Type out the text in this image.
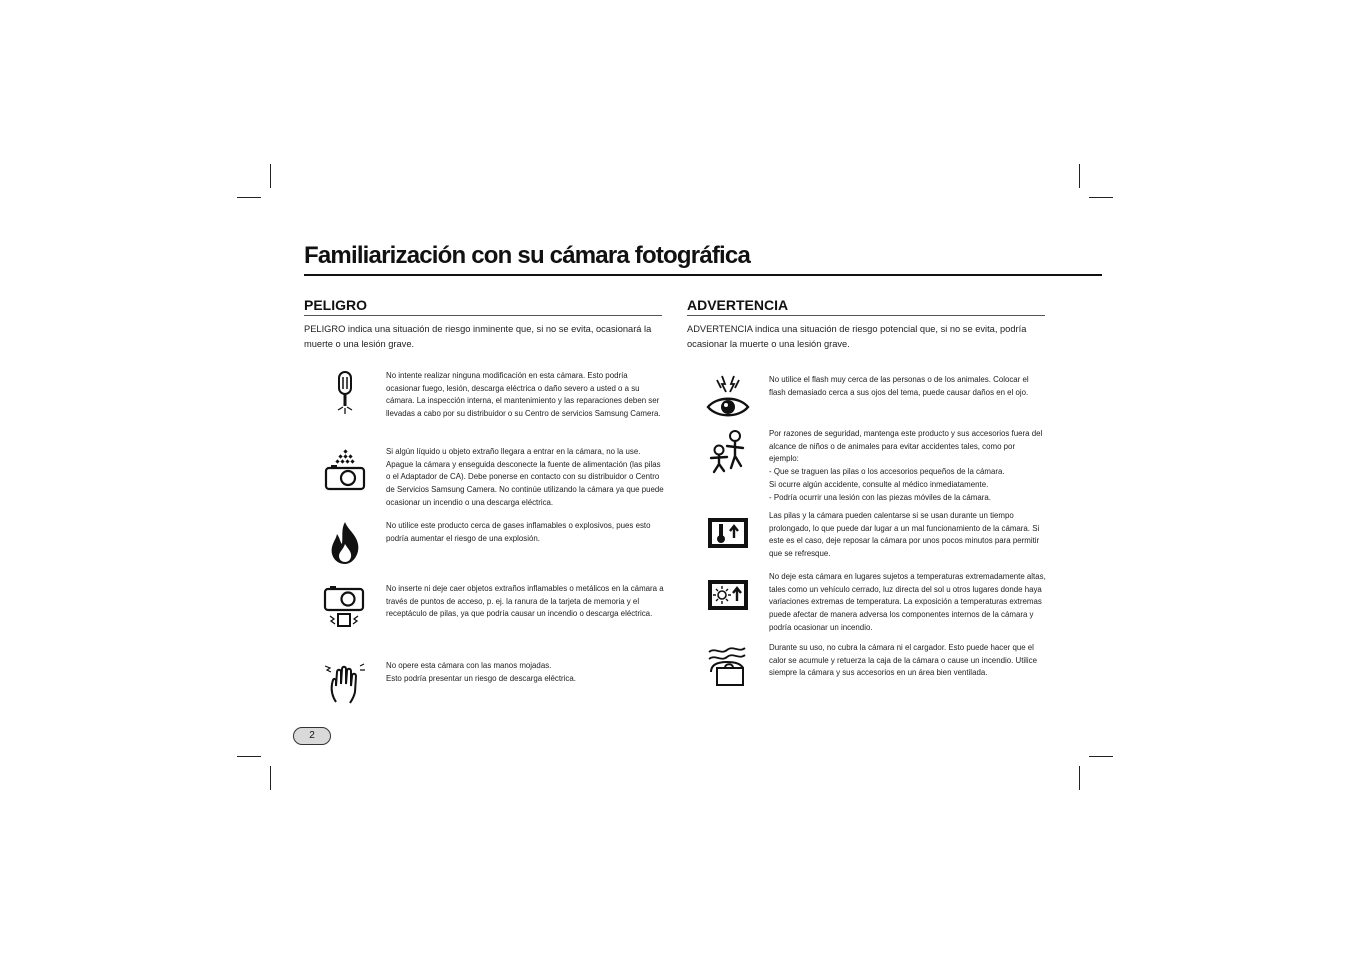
Familiarización con su cámara fotográfica
PELIGRO
PELIGRO indica una situación de riesgo inminente que, si no se evita, ocasionará la muerte o una lesión grave.
No intente realizar ninguna modificación en esta cámara. Esto podría ocasionar fuego, lesión, descarga eléctrica o daño severo a usted o a su cámara. La inspección interna, el mantenimiento y las reparaciones deben ser llevadas a cabo por su distribuidor o su Centro de servicios Samsung Camera.
Si algún líquido u objeto extraño llegara a entrar en la cámara, no la use. Apague la cámara y enseguida desconecte la fuente de alimentación (las pilas o el Adaptador de CA). Debe ponerse en contacto con su distribuidor o Centro de Servicios Samsung Camera. No continúe utilizando la cámara ya que puede ocasionar un incendio o una descarga eléctrica.
No utilice este producto cerca de gases inflamables o explosivos, pues esto podría aumentar el riesgo de una explosión.
No inserte ni deje caer objetos extraños inflamables o metálicos en la cámara a través de puntos de acceso, p. ej. la ranura de la tarjeta de memoria y el receptáculo de pilas, ya que podría causar un incendio o descarga eléctrica.
No opere esta cámara con las manos mojadas.
Esto podría presentar un riesgo de descarga eléctrica.
ADVERTENCIA
ADVERTENCIA indica una situación de riesgo potencial que, si no se evita, podría ocasionar la muerte o una lesión grave.
No utilice el flash muy cerca de las personas o de los animales. Colocar el flash demasiado cerca a sus ojos del tema, puede causar daños en el ojo.
Por razones de seguridad, mantenga este producto y sus accesorios fuera del alcance de niños o de animales para evitar accidentes tales, como por ejemplo:
- Que se traguen las pilas o los accesorios pequeños de la cámara.
Si ocurre algún accidente, consulte al médico inmediatamente.
- Podría ocurrir una lesión con las piezas móviles de la cámara.
Las pilas y la cámara pueden calentarse si se usan durante un tiempo prolongado, lo que puede dar lugar a un mal funcionamiento de la cámara. Si este es el caso, deje reposar la cámara por unos pocos minutos para permitir que se refresque.
No deje esta cámara en lugares sujetos a temperaturas extremadamente altas, tales como un vehículo cerrado, luz directa del sol u otros lugares donde haya variaciones extremas de temperatura. La exposición a temperaturas extremas puede afectar de manera adversa los componentes internos de la cámara y podría ocasionar un incendio.
Durante su uso, no cubra la cámara ni el cargador. Esto puede hacer que el calor se acumule y retuerza la caja de la cámara o cause un incendio. Utilice siempre la cámara y sus accesorios en un área bien ventilada.
2
